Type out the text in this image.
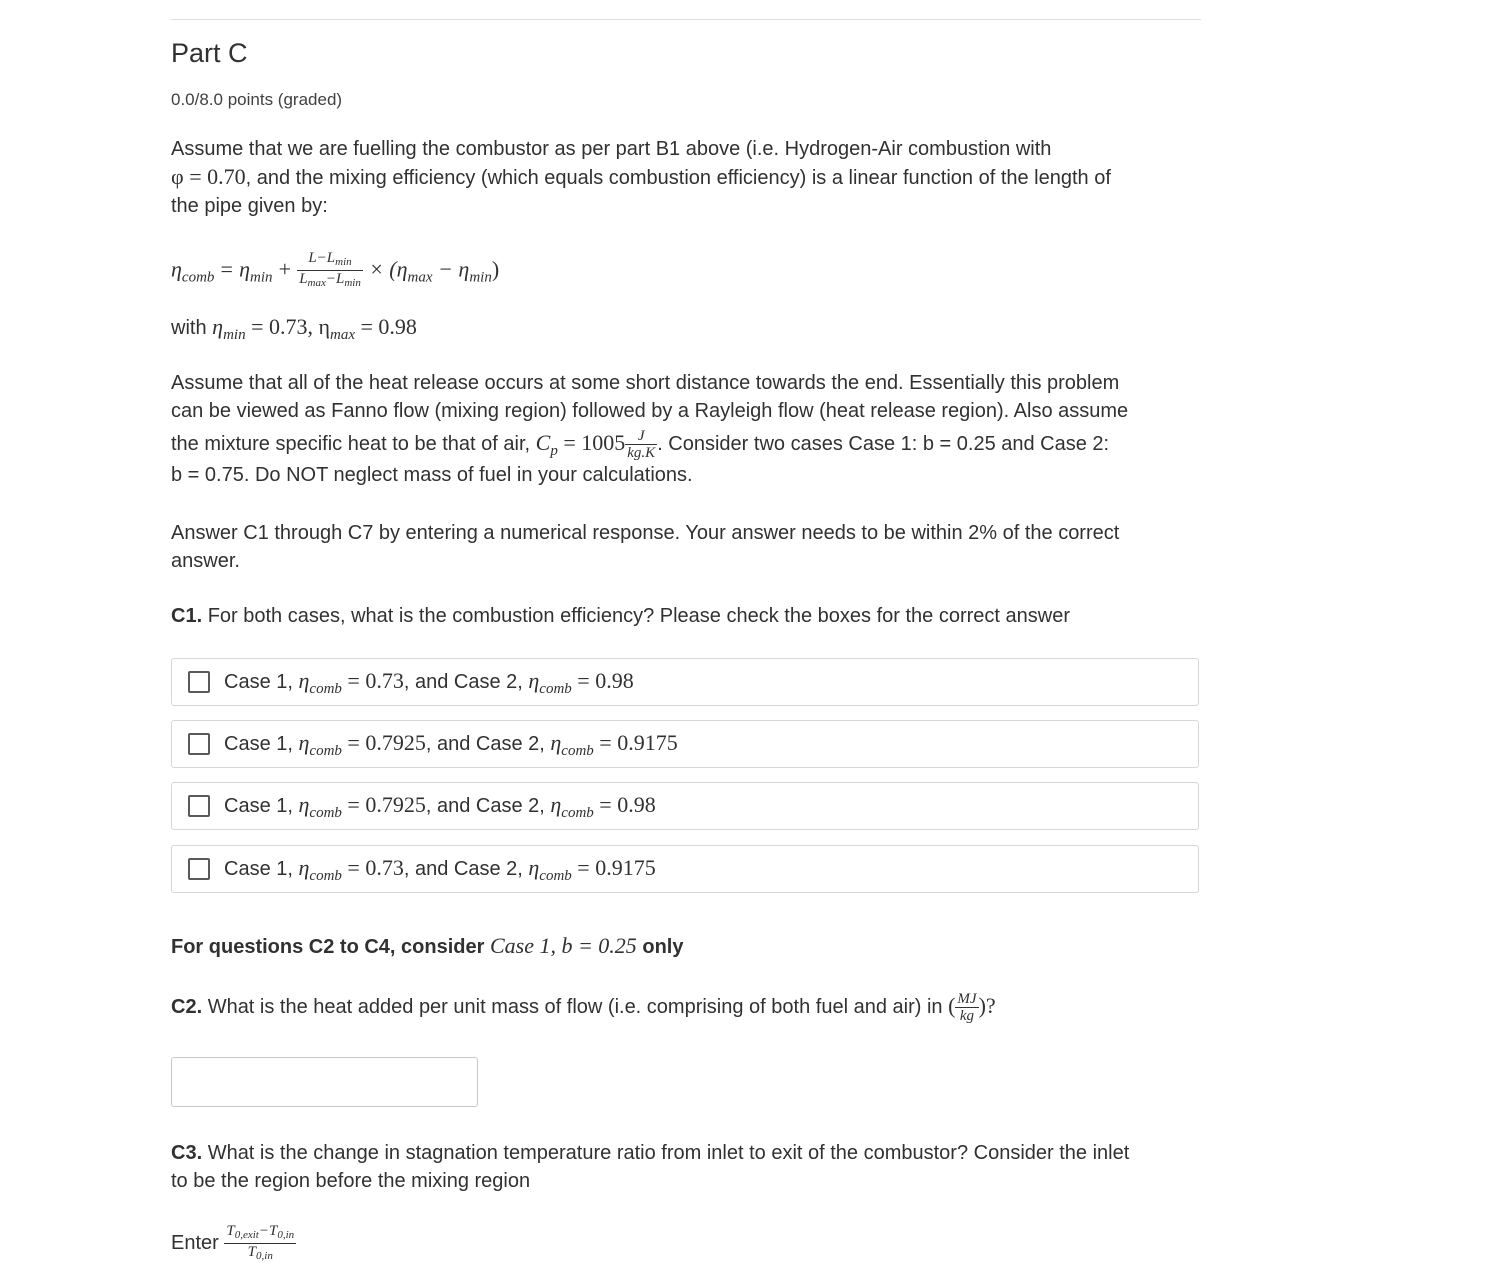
Part C
0.0/8.0 points (graded)
Assume that we are fuelling the combustor as per part B1 above (i.e. Hydrogen-Air combustion with
φ = 0.70, and the mixing efficiency (which equals combustion efficiency) is a linear function of the length of
the pipe given by:
$\eta_{comb} = \eta_{min} + \frac{L-L_{min}}{L_{max}-L_{min}} \times (\eta_{max} - \eta_{min})$
with $\eta_{min} = 0.73$, $\eta_{max} = 0.98$
Assume that all of the heat release occurs at some short distance towards the end. Essentially this problem
can be viewed as Fanno flow (mixing region) followed by a Rayleigh flow (heat release region). Also assume
the mixture specific heat to be that of air, $C_p = 1005 \frac{J}{kg.K}$ . Consider two cases Case 1: b = 0.25 and Case 2:
b = 0.75. Do NOT neglect mass of fuel in your calculations.
Answer C1 through C7 by entering a numerical response. Your answer needs to be within 2% of the correct
answer.
C1. For both cases, what is the combustion efficiency? Please check the boxes for the correct answer
Case 1, $\eta_{comb} = 0.73$, and Case 2, $\eta_{comb} = 0.98$
Case 1, $\eta_{comb} = 0.7925$, and Case 2, $\eta_{comb} = 0.9175$
Case 1, $\eta_{comb} = 0.7925$, and Case 2, $\eta_{comb} = 0.98$
Case 1, $\eta_{comb} = 0.73$, and Case 2, $\eta_{comb} = 0.9175$
For questions C2 to C4, consider Case 1, b = 0.25 only
C2. What is the heat added per unit mass of flow (i.e. comprising of both fuel and air) in ( $\frac{MJ}{kg}$ )?
C3. What is the change in stagnation temperature ratio from inlet to exit of the combustor? Consider the inlet
to be the region before the mixing region
Enter $\frac{T_{0,exit}-T_{0,in}}{T_{0,in}}$
